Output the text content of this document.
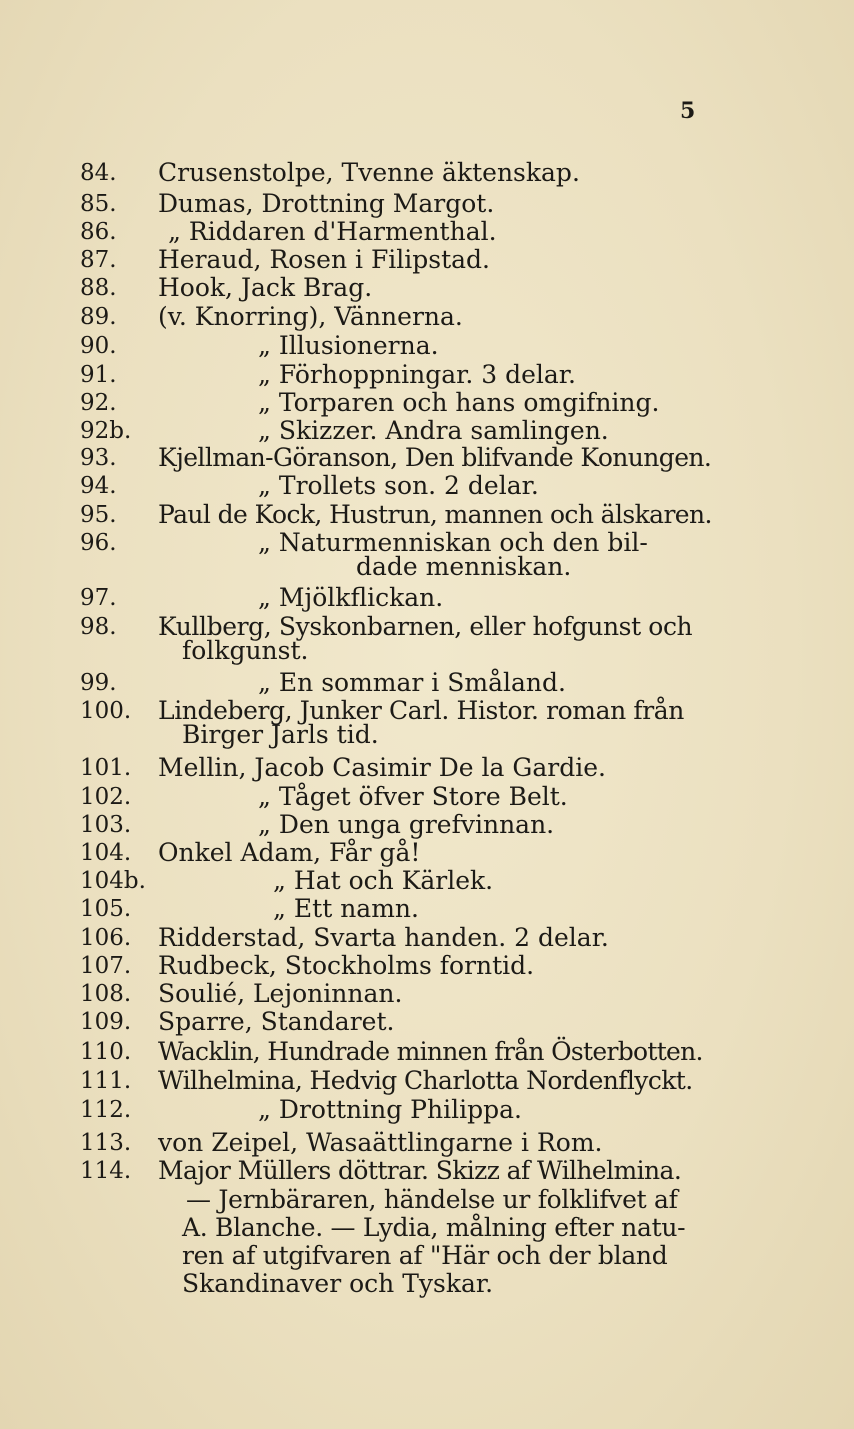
5
84. Crusenstolpe, Tvenne äktenskap.
85. Dumas, Drottning Margot.
86. „ Riddaren d'Harmenthal.
87. Heraud, Rosen i Filipstad.
88. Hook, Jack Brag.
89. (v. Knorring), Vännerna.
90.	„ Illusionerna.
91.	„ Förhoppningar. 3 delar.
92.	„ Torparen och hans omgifning.
92b.	„ Skizzer. Andra samlingen.
93. Kjellman-Göranson, Den blifvande Konungen.
94.	„ Trollets son. 2 delar.
95. Paul de Kock, Hustrun, mannen och älskaren.
96.	„ Naturmenniskan och den bil-
dade menniskan.
97.	„ Mjölkflickan.
98. Kullberg, Syskonbarnen, eller hofgunst och
folkgunst.
99.	„ En sommar i Småland.
100. Lindeberg, Junker Carl. Histor. roman från
Birger Jarls tid.
101. Mellin, Jacob Casimir De la Gardie.
102.	„ Tåget öfver Store Belt.
103.	„ Den unga grefvinnan.
104. Onkel Adam, Får gå!
104b.	„ Hat och Kärlek.
105.	„ Ett namn.
106. Ridderstad, Svarta handen. 2 delar.
107. Rudbeck, Stockholms forntid.
108. Soulié, Lejoninnan.
109. Sparre, Standaret.
110. Wacklin, Hundrade minnen från Österbotten.
111. Wilhelmina, Hedvig Charlotta Nordenflyckt.
112.	„ Drottning Philippa.
113. von Zeipel, Wasaättlingarne i Rom.
114. Major Müllers döttrar. Skizz af Wilhelmina.
— Jernbäraren, händelse ur folklifvet af
A. Blanche. — Lydia, målning efter natu-
ren af utgifvaren af "Här och der bland
Skandinaver och Tyskar.
